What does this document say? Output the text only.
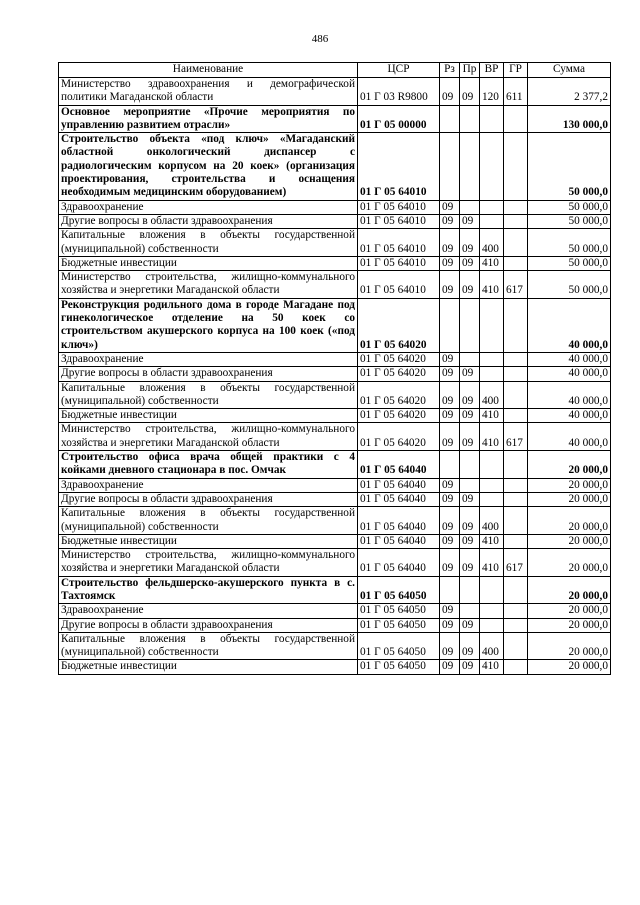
486
Наименование	ЦСР	Рз	Пр	ВР	ГР	Сумма
Министерство здравоохранения и демографической политики Магаданской области	01 Г 03 R9800	09	09	120	611	2 377,2
Основное мероприятие «Прочие мероприятия по управлению развитием отрасли»	01 Г 05 00000					130 000,0
Строительство объекта «под ключ» «Магаданский областной онкологический диспансер с радиологическим корпусом на 20 коек» (организация проектирования, строительства и оснащения необходимым медицинским оборудованием)	01 Г 05 64010					50 000,0
Здравоохранение	01 Г 05 64010	09				50 000,0
Другие вопросы в области здравоохранения	01 Г 05 64010	09	09			50 000,0
Капитальные вложения в объекты государственной (муниципальной) собственности	01 Г 05 64010	09	09	400		50 000,0
Бюджетные инвестиции	01 Г 05 64010	09	09	410		50 000,0
Министерство строительства, жилищно-коммунального хозяйства и энергетики Магаданской области	01 Г 05 64010	09	09	410	617	50 000,0
Реконструкция родильного дома в городе Магадане под гинекологическое отделение на 50 коек со строительством акушерского корпуса на 100 коек («под ключ»)	01 Г 05 64020					40 000,0
Здравоохранение	01 Г 05 64020	09				40 000,0
Другие вопросы в области здравоохранения	01 Г 05 64020	09	09			40 000,0
Капитальные вложения в объекты государственной (муниципальной) собственности	01 Г 05 64020	09	09	400		40 000,0
Бюджетные инвестиции	01 Г 05 64020	09	09	410		40 000,0
Министерство строительства, жилищно-коммунального хозяйства и энергетики Магаданской области	01 Г 05 64020	09	09	410	617	40 000,0
Строительство офиса врача общей практики с 4 койками дневного стационара в пос. Омчак	01 Г 05 64040					20 000,0
Здравоохранение	01 Г 05 64040	09				20 000,0
Другие вопросы в области здравоохранения	01 Г 05 64040	09	09			20 000,0
Капитальные вложения в объекты государственной (муниципальной) собственности	01 Г 05 64040	09	09	400		20 000,0
Бюджетные инвестиции	01 Г 05 64040	09	09	410		20 000,0
Министерство строительства, жилищно-коммунального хозяйства и энергетики Магаданской области	01 Г 05 64040	09	09	410	617	20 000,0
Строительство фельдшерско-акушерского пункта в с. Тахтоямск	01 Г 05 64050					20 000,0
Здравоохранение	01 Г 05 64050	09				20 000,0
Другие вопросы в области здравоохранения	01 Г 05 64050	09	09			20 000,0
Капитальные вложения в объекты государственной (муниципальной) собственности	01 Г 05 64050	09	09	400		20 000,0
Бюджетные инвестиции	01 Г 05 64050	09	09	410		20 000,0
